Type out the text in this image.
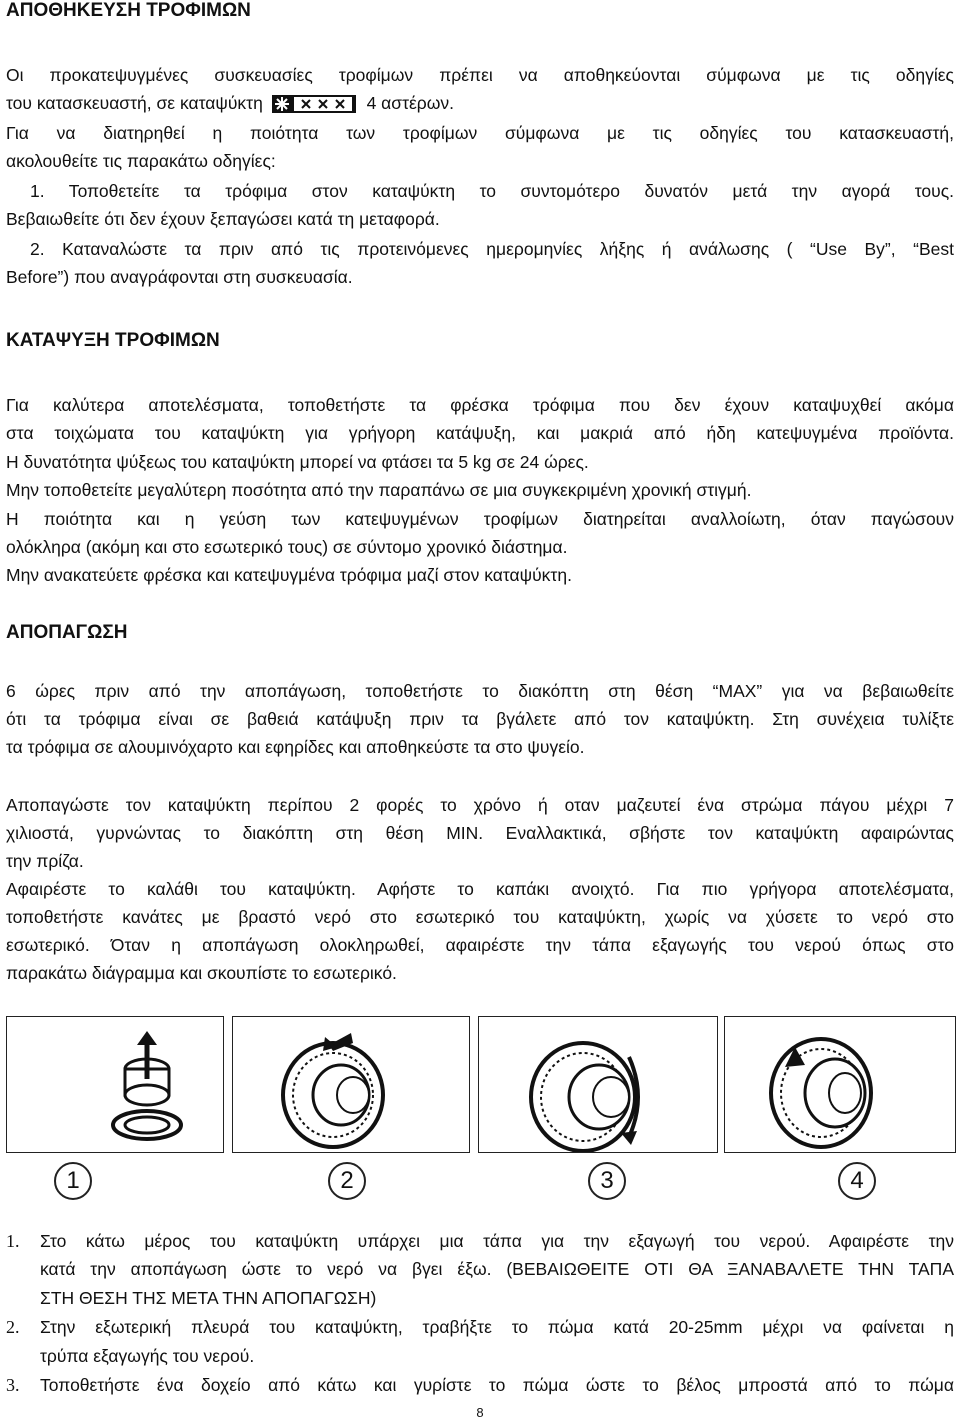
ΑΠΟΘΗΚΕΥΣΗ ΤΡΟΦΙΜΩΝ
Οι προκατεψυγμένες συσκευασίες τροφίμων πρέπει να αποθηκεύονται σύμφωνα με τις οδηγίες
του κατασκευαστή, σε καταψύκτη	4 αστέρων.
Για να διατηρηθεί η ποιότητα των τροφίμων σύμφωνα με τις οδηγίες του κατασκευαστή,
ακολουθείτε τις παρακάτω οδηγίες:
1. Τοποθετείτε τα τρόφιμα στον καταψύκτη το συντομότερο δυνατόν μετά την αγορά τους.
Βεβαιωθείτε ότι δεν έχουν ξεπαγώσει κατά τη μεταφορά.
2. Καταναλώστε τα πριν από τις προτεινόμενες ημερομηνίες λήξης ή ανάλωσης ( “Use By”, “Best
Before”) που αναγράφονται στη συσκευασία.
ΚΑΤΑΨΥΞΗ ΤΡΟΦΙΜΩΝ
Για καλύτερα αποτελέσματα, τοποθετήστε τα φρέσκα τρόφιμα που δεν έχουν καταψυχθεί ακόμα
στα τοιχώματα του καταψύκτη για γρήγορη κατάψυξη, και μακριά από ήδη κατεψυγμένα προϊόντα.
Η δυνατότητα ψύξεως του καταψύκτη μπορεί να φτάσει τα 5 kg σε 24 ώρες.
Μην τοποθετείτε μεγαλύτερη ποσότητα από την παραπάνω σε μια συγκεκριμένη χρονική στιγμή.
Η ποιότητα και η γεύση των κατεψυγμένων τροφίμων διατηρείται αναλλοίωτη, όταν παγώσουν
ολόκληρα (ακόμη και στο εσωτερικό τους) σε σύντομο χρονικό διάστημα.
Μην ανακατεύετε φρέσκα και κατεψυγμένα τρόφιμα μαζί στον καταψύκτη.
ΑΠΟΠΑΓΩΣΗ
6 ώρες πριν από την αποπάγωση, τοποθετήστε το διακόπτη στη θέση “MAX” για να βεβαιωθείτε
ότι τα τρόφιμα είναι σε βαθειά κατάψυξη πριν τα βγάλετε από τον καταψύκτη. Στη συνέχεια τυλίξτε
τα τρόφιμα σε αλουμινόχαρτο και εφηρίδες και αποθηκεύστε τα στο ψυγείο.
Αποπαγώστε τον καταψύκτη περίπου 2 φορές το χρόνο ή οταν μαζευτεί ένα στρώμα πάγου μέχρι 7
χιλιοστά, γυρνώντας το διακόπτη στη θέση MIN. Εναλλακτικά, σβήστε τον καταψύκτη αφαιρώντας
την πρίζα.
Αφαιρέστε το καλάθι του καταψύκτη. Αφήστε το καπάκι ανοιχτό. Για πιο γρήγορα αποτελέσματα,
τοποθετήστε κανάτες με βραστό νερό στο εσωτερικό του καταψύκτη, χωρίς να χύσετε το νερό στο
εσωτερικό. Όταν η αποπάγωση ολοκληρωθεί, αφαιρέστε την τάπα εξαγωγής του νερού όπως στο
παρακάτω διάγραμμα και σκουπίστε το εσωτερικό.
1	2	3	4
1. Στο κάτω μέρος του καταψύκτη υπάρχει μια τάπα για την εξαγωγή του νερού. Αφαιρέστε την
κατά την αποπάγωση ώστε το νερό να βγει έξω. (ΒΕΒΑΙΩΘΕΙΤΕ ΟΤΙ ΘΑ ΞΑΝΑΒΑΛΕΤΕ ΤΗΝ ΤΑΠΑ
ΣΤΗ ΘΕΣΗ ΤΗΣ ΜΕΤΑ ΤΗΝ ΑΠΟΠΑΓΩΣΗ)
2. Στην εξωτερική πλευρά του καταψύκτη, τραβήξτε το πώμα κατά 20-25mm μέχρι να φαίνεται η
τρύπα εξαγωγής του νερού.
3. Τοποθετήστε ένα δοχείο από κάτω και γυρίστε το πώμα ώστε το βέλος μπροστά από το πώμα
8
